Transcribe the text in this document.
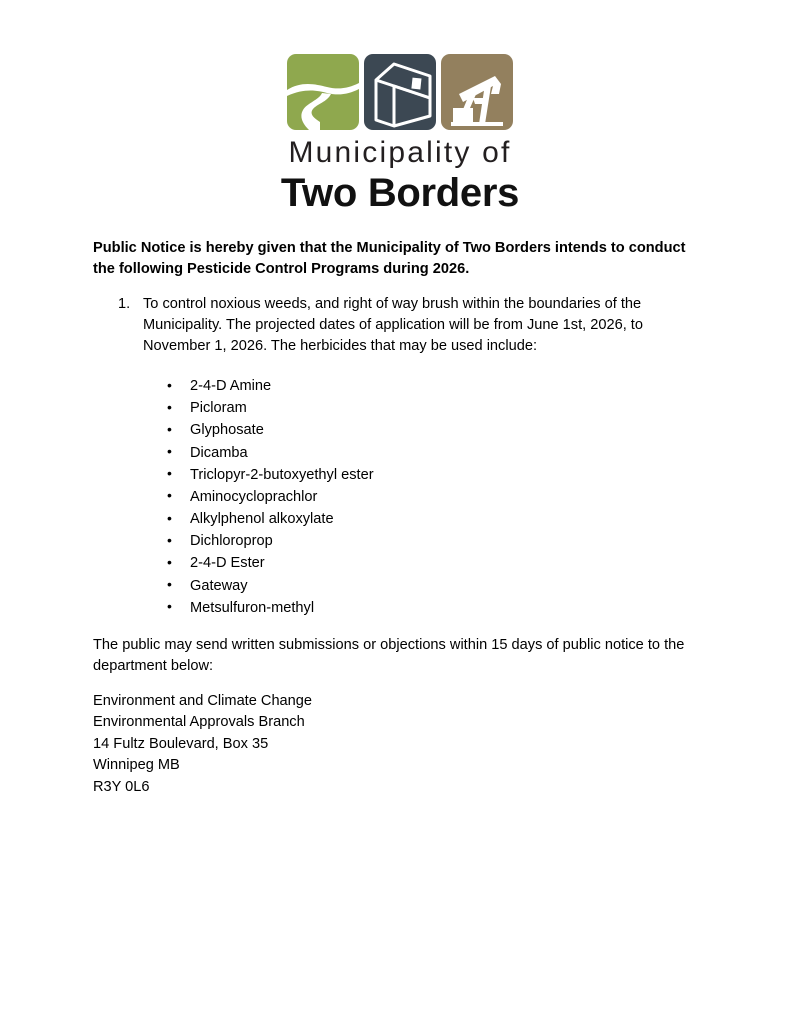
Municipality of
Two Borders

Public Notice is hereby given that the Municipality of Two Borders intends to conduct the following Pesticide Control Programs during 2026.

1. To control noxious weeds, and right of way brush within the boundaries of the Municipality. The projected dates of application will be from June 1st, 2026, to November 1, 2026. The herbicides that may be used include:
• 2-4-D Amine
• Picloram
• Glyphosate
• Dicamba
• Triclopyr-2-butoxyethyl ester
• Aminocycloprachlor
• Alkylphenol alkoxylate
• Dichloroprop
• 2-4-D Ester
• Gateway
• Metsulfuron-methyl

The public may send written submissions or objections within 15 days of public notice to the department below:

Environment and Climate Change
Environmental Approvals Branch
14 Fultz Boulevard, Box 35
Winnipeg MB
R3Y 0L6
